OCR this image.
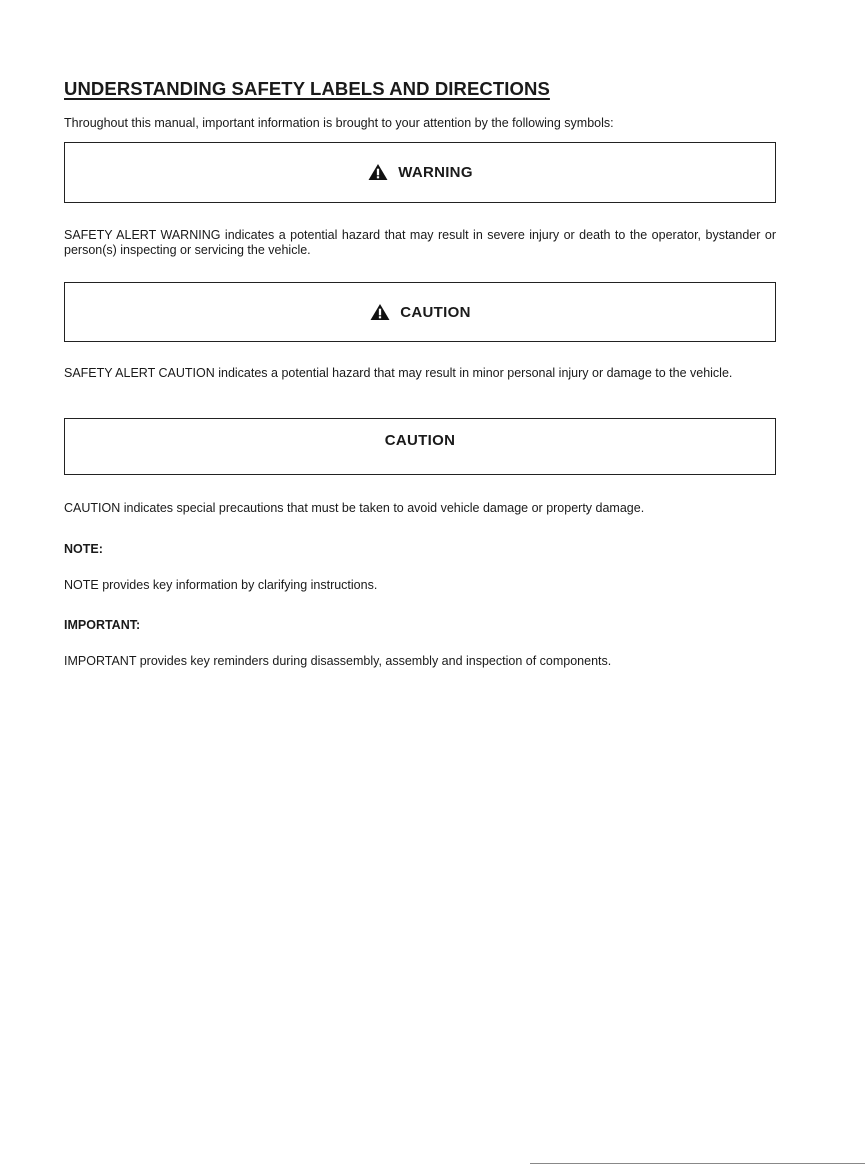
UNDERSTANDING SAFETY LABELS AND DIRECTIONS
Throughout this manual, important information is brought to your attention by the following symbols:
WARNING
SAFETY ALERT WARNING indicates a potential hazard that may result in severe injury or death to the operator, bystander or person(s) inspecting or servicing the vehicle.
CAUTION
SAFETY ALERT CAUTION indicates a potential hazard that may result in minor personal injury or damage to the vehicle.
CAUTION
CAUTION indicates special precautions that must be taken to avoid vehicle damage or property damage.
NOTE:
NOTE provides key information by clarifying instructions.
IMPORTANT:
IMPORTANT provides key reminders during disassembly, assembly and inspection of components.
